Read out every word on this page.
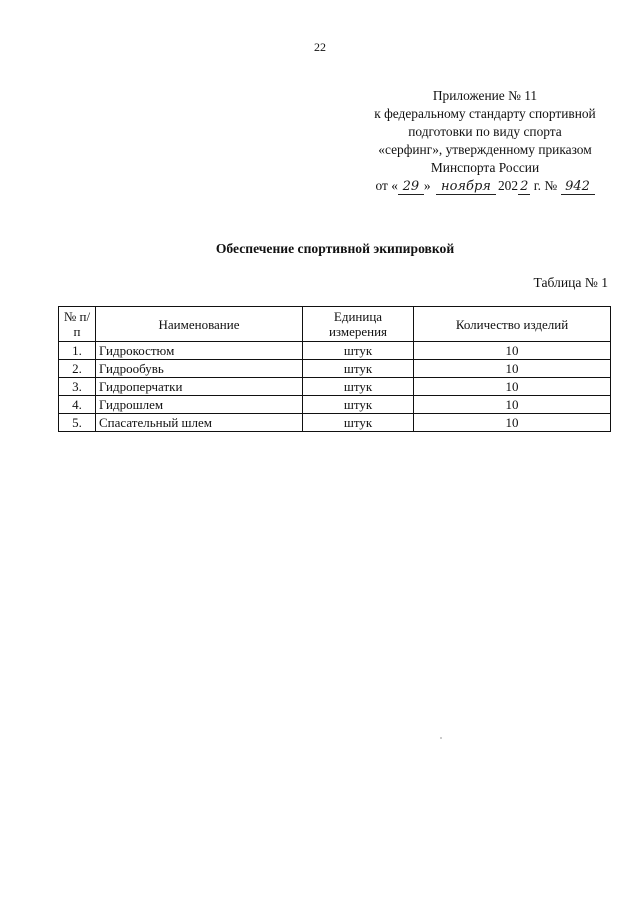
22
Приложение № 11
к федеральному стандарту спортивной
подготовки по виду спорта
«серфинг», утвержденному приказом
Минспорта России
от « 29 » ноября 202 2 г. № 942
Обеспечение спортивной экипировкой
Таблица № 1
№ п/п	Наименование	Единица измерения	Количество изделий
1.	Гидрокостюм	штук	10
2.	Гидрообувь	штук	10
3.	Гидроперчатки	штук	10
4.	Гидрошлем	штук	10
5.	Спасательный шлем	штук	10
